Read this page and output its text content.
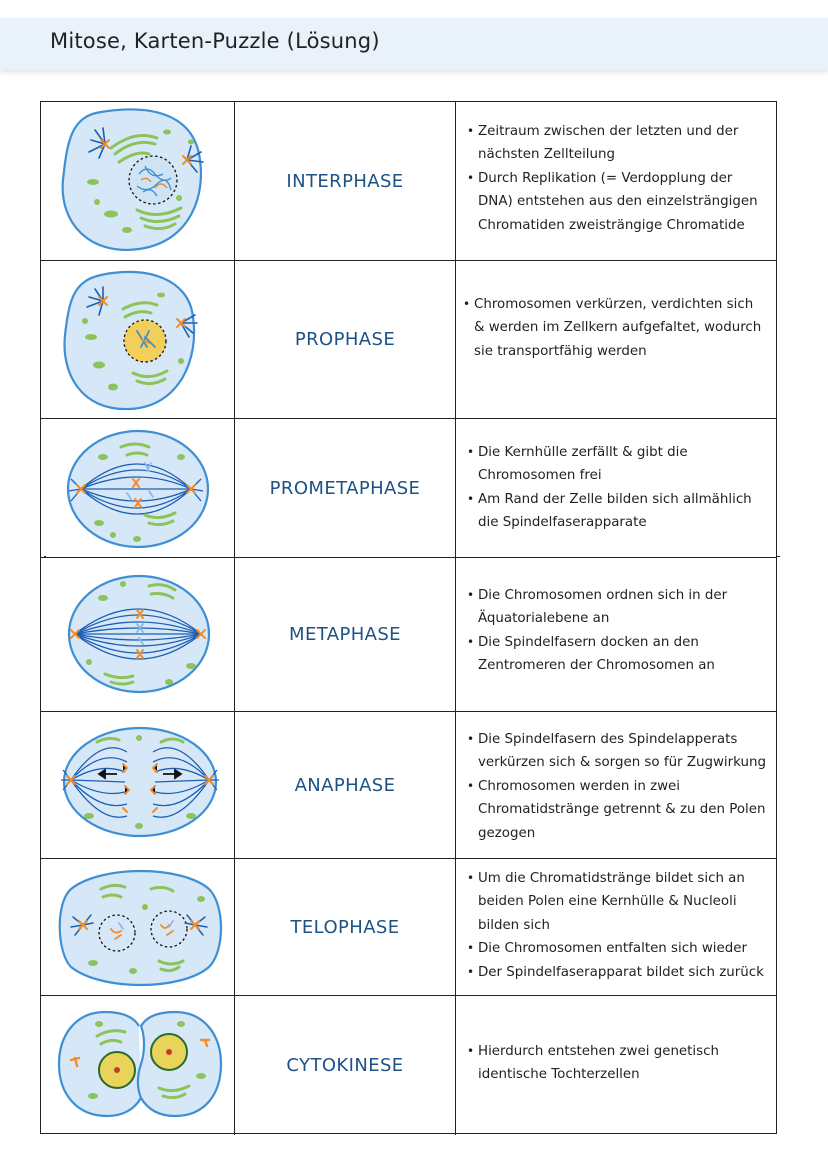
Mitose, Karten-Puzzle (Lösung)
INTERPHASE
• Zeitraum zwischen der letzten und der
nächsten Zellteilung
• Durch Replikation (= Verdopplung der
DNA) entstehen aus den einzelsträngigen
Chromatiden zweisträngige Chromatide
PROPHASE
• Chromosomen verkürzen, verdichten sich
& werden im Zellkern aufgefaltet, wodurch
sie transportfähig werden
PROMETAPHASE
• Die Kernhülle zerfällt & gibt die
Chromosomen frei
• Am Rand der Zelle bilden sich allmählich
die Spindelfaserapparate
METAPHASE
• Die Chromosomen ordnen sich in der
Äquatorialebene an
• Die Spindelfasern docken an den
Zentromeren der Chromosomen an
ANAPHASE
• Die Spindelfasern des Spindelapperats
verkürzen sich & sorgen so für Zugwirkung
• Chromosomen werden in zwei
Chromatidstränge getrennt & zu den Polen
gezogen
TELOPHASE
• Um die Chromatidstränge bildet sich an
beiden Polen eine Kernhülle & Nucleoli
bilden sich
• Die Chromosomen entfalten sich wieder
• Der Spindelfaserapparat bildet sich zurück
CYTOKINESE
• Hierdurch entstehen zwei genetisch
identische Tochterzellen
